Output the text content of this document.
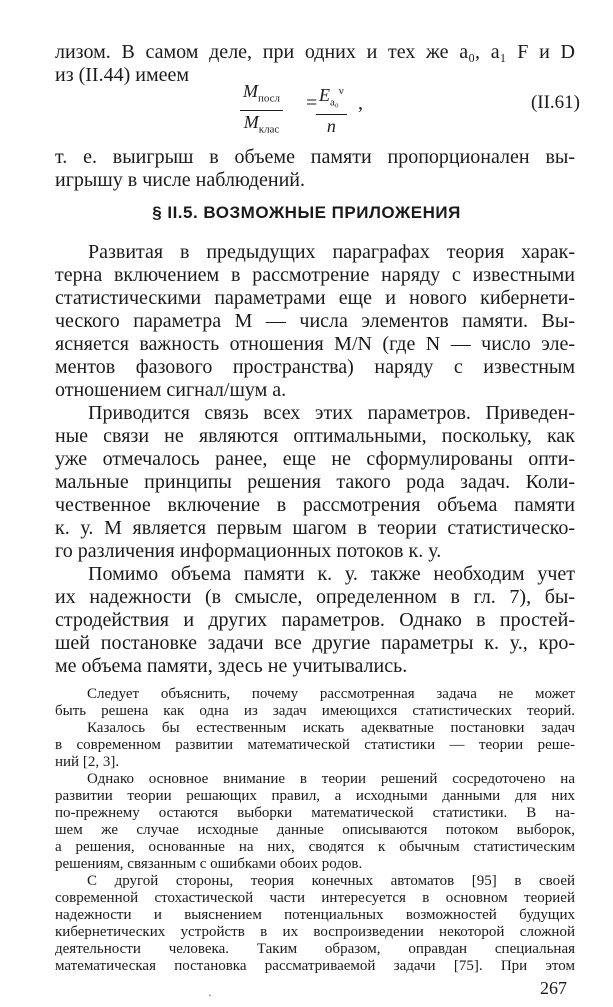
лизом. В самом деле, при одних и тех же a₀, a₁ F и D
из (II.44) имеем
$M_{посл}$
$M_{клас}$
=
$\frac{E_{a_0}^\nu}{n}$ ,	(II.61)
т. е. выигрыш в объеме памяти пропорционален вы-
игрышу в числе наблюдений.
§ II.5. ВОЗМОЖНЫЕ ПРИЛОЖЕНИЯ
Развитая в предыдущих параграфах теория харак-
терна включением в рассмотрение наряду с известными
статистическими параметрами еще и нового кибернети-
ческого параметра M — числа элементов памяти. Вы-
ясняется важность отношения M/N (где N — число эле-
ментов фазового пространства) наряду с известным
отношением сигнал/шум a.
Приводится связь всех этих параметров. Приведен-
ные связи не являются оптимальными, поскольку, как
уже отмечалось ранее, еще не сформулированы опти-
мальные принципы решения такого рода задач. Коли-
чественное включение в рассмотрения объема памяти
к. у. M является первым шагом в теории статистическо-
го различения информационных потоков к. у.
Помимо объема памяти к. у. также необходим учет
их надежности (в смысле, определенном в гл. 7), бы-
стродействия и других параметров. Однако в простей-
шей постановке задачи все другие параметры к. у., кро-
ме объема памяти, здесь не учитывались.
Следует объяснить, почему рассмотренная задача не может
быть решена как одна из задач имеющихся статистических теорий.
Казалось бы естественным искать адекватные постановки задач
в современном развитии математической статистики — теории реше-
ний [2, 3].
Однако основное внимание в теории решений сосредоточено на
развитии теории решающих правил, а исходными данными для них
по-прежнему остаются выборки математической статистики. В на-
шем же случае исходные данные описываются потоком выборок,
а решения, основанные на них, сводятся к обычным статистическим
решениям, связанным с ошибками обоих родов.
С другой стороны, теория конечных автоматов [95] в своей
современной стохастической части интересуется в основном теорией
надежности и выяснением потенциальных возможностей будущих
кибернетических устройств в их воспроизведении некоторой сложной
деятельности человека. Таким образом, оправдан специальная
математическая постановка рассматриваемой задачи [75]. При этом
267
`
